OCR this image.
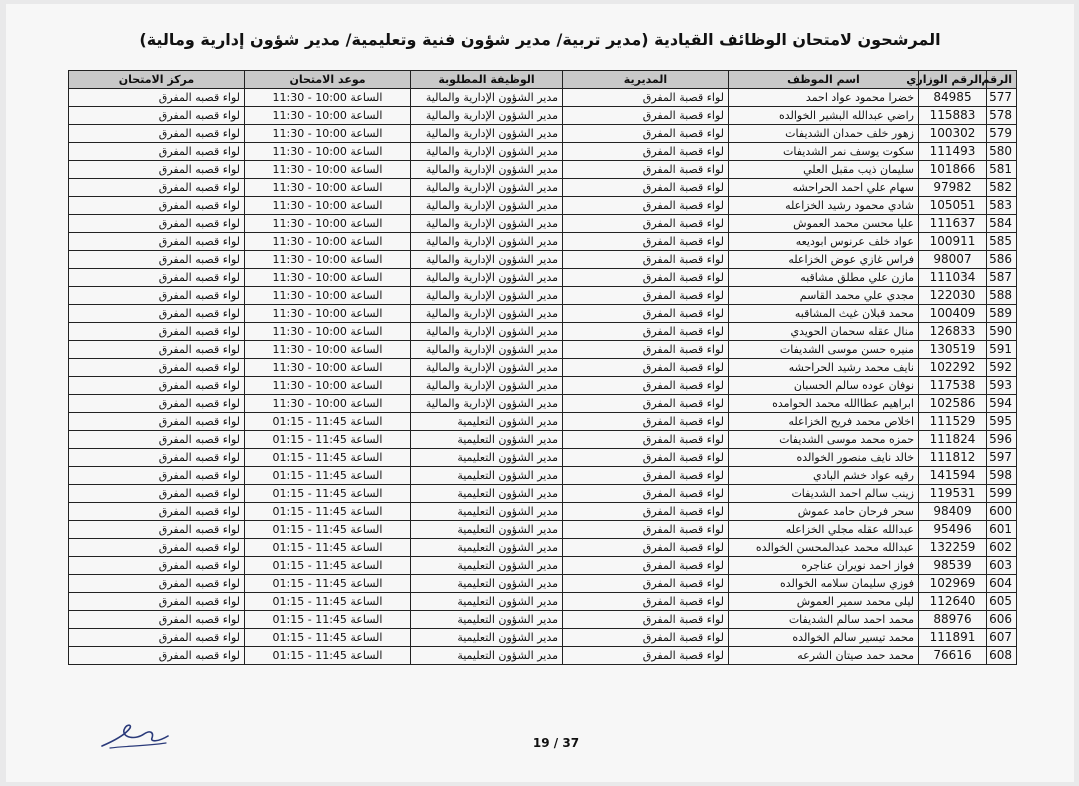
المرشحون لامتحان الوظائف القيادية (مدير تربية/ مدير شؤون فنية وتعليمية/ مدير شؤون إدارية ومالية)
الرقم	الرقم الوزاري	اسم الموظف	المديرية	الوظيفة المطلوبة	موعد الامتحان	مركز الامتحان
577	84985	خضرا محمود عواد احمد	لواء قصبة المفرق	مدير الشؤون الإدارية والمالية	الساعة 10:00 - 11:30	لواء قصبه المفرق
578	115883	راضي عبدالله البشير الخوالده	لواء قصبة المفرق	مدير الشؤون الإدارية والمالية	الساعة 10:00 - 11:30	لواء قصبه المفرق
579	100302	زهور خلف حمدان الشديفات	لواء قصبة المفرق	مدير الشؤون الإدارية والمالية	الساعة 10:00 - 11:30	لواء قصبه المفرق
580	111493	سكوت يوسف نمر الشديفات	لواء قصبة المفرق	مدير الشؤون الإدارية والمالية	الساعة 10:00 - 11:30	لواء قصبه المفرق
581	101866	سليمان ذيب مقبل العلي	لواء قصبة المفرق	مدير الشؤون الإدارية والمالية	الساعة 10:00 - 11:30	لواء قصبه المفرق
582	97982	سهام علي احمد الحراحشه	لواء قصبة المفرق	مدير الشؤون الإدارية والمالية	الساعة 10:00 - 11:30	لواء قصبه المفرق
583	105051	شادي محمود رشيد الخزاعله	لواء قصبة المفرق	مدير الشؤون الإدارية والمالية	الساعة 10:00 - 11:30	لواء قصبه المفرق
584	111637	عليا محسن محمد العموش	لواء قصبة المفرق	مدير الشؤون الإدارية والمالية	الساعة 10:00 - 11:30	لواء قصبه المفرق
585	100911	عواد خلف عرنوس ابوديعه	لواء قصبة المفرق	مدير الشؤون الإدارية والمالية	الساعة 10:00 - 11:30	لواء قصبه المفرق
586	98007	فراس غازي عوض الخزاعله	لواء قصبة المفرق	مدير الشؤون الإدارية والمالية	الساعة 10:00 - 11:30	لواء قصبه المفرق
587	111034	مازن علي مطلق مشاقبه	لواء قصبة المفرق	مدير الشؤون الإدارية والمالية	الساعة 10:00 - 11:30	لواء قصبه المفرق
588	122030	مجدي علي محمد القاسم	لواء قصبة المفرق	مدير الشؤون الإدارية والمالية	الساعة 10:00 - 11:30	لواء قصبه المفرق
589	100409	محمد قبلان غيث المشاقبه	لواء قصبة المفرق	مدير الشؤون الإدارية والمالية	الساعة 10:00 - 11:30	لواء قصبه المفرق
590	126833	منال عقله سحمان الحويدي	لواء قصبة المفرق	مدير الشؤون الإدارية والمالية	الساعة 10:00 - 11:30	لواء قصبه المفرق
591	130519	منيره حسن موسى الشديفات	لواء قصبة المفرق	مدير الشؤون الإدارية والمالية	الساعة 10:00 - 11:30	لواء قصبه المفرق
592	102292	نايف محمد رشيد الحراحشه	لواء قصبة المفرق	مدير الشؤون الإدارية والمالية	الساعة 10:00 - 11:30	لواء قصبه المفرق
593	117538	نوفان عوده سالم الحسبان	لواء قصبة المفرق	مدير الشؤون الإدارية والمالية	الساعة 10:00 - 11:30	لواء قصبه المفرق
594	102586	ابراهيم عطاالله محمد الحوامده	لواء قصبة المفرق	مدير الشؤون الإدارية والمالية	الساعة 10:00 - 11:30	لواء قصبه المفرق
595	111529	اخلاص محمد فريح الخزاعله	لواء قصبة المفرق	مدير الشؤون التعليمية	الساعة 11:45 - 01:15	لواء قصبه المفرق
596	111824	حمزه محمد موسى الشديفات	لواء قصبة المفرق	مدير الشؤون التعليمية	الساعة 11:45 - 01:15	لواء قصبه المفرق
597	111812	خالد نايف منصور الخوالده	لواء قصبة المفرق	مدير الشؤون التعليمية	الساعة 11:45 - 01:15	لواء قصبه المفرق
598	141594	رقيه عواد خشم البادي	لواء قصبة المفرق	مدير الشؤون التعليمية	الساعة 11:45 - 01:15	لواء قصبه المفرق
599	119531	زينب سالم احمد الشديفات	لواء قصبة المفرق	مدير الشؤون التعليمية	الساعة 11:45 - 01:15	لواء قصبه المفرق
600	98409	سحر فرحان حامد عموش	لواء قصبة المفرق	مدير الشؤون التعليمية	الساعة 11:45 - 01:15	لواء قصبه المفرق
601	95496	عبدالله عقله مجلي الخزاعله	لواء قصبة المفرق	مدير الشؤون التعليمية	الساعة 11:45 - 01:15	لواء قصبه المفرق
602	132259	عبدالله محمد عبدالمحسن الخوالده	لواء قصبة المفرق	مدير الشؤون التعليمية	الساعة 11:45 - 01:15	لواء قصبه المفرق
603	98539	فواز احمد نويران عناجره	لواء قصبة المفرق	مدير الشؤون التعليمية	الساعة 11:45 - 01:15	لواء قصبه المفرق
604	102969	فوزي سليمان سلامه الخوالده	لواء قصبة المفرق	مدير الشؤون التعليمية	الساعة 11:45 - 01:15	لواء قصبه المفرق
605	112640	ليلى محمد سمير العموش	لواء قصبة المفرق	مدير الشؤون التعليمية	الساعة 11:45 - 01:15	لواء قصبه المفرق
606	88976	محمد احمد سالم الشديفات	لواء قصبة المفرق	مدير الشؤون التعليمية	الساعة 11:45 - 01:15	لواء قصبه المفرق
607	111891	محمد تيسير سالم الخوالده	لواء قصبة المفرق	مدير الشؤون التعليمية	الساعة 11:45 - 01:15	لواء قصبه المفرق
608	76616	محمد حمد صيتان الشرعه	لواء قصبة المفرق	مدير الشؤون التعليمية	الساعة 11:45 - 01:15	لواء قصبه المفرق
19 / 37
